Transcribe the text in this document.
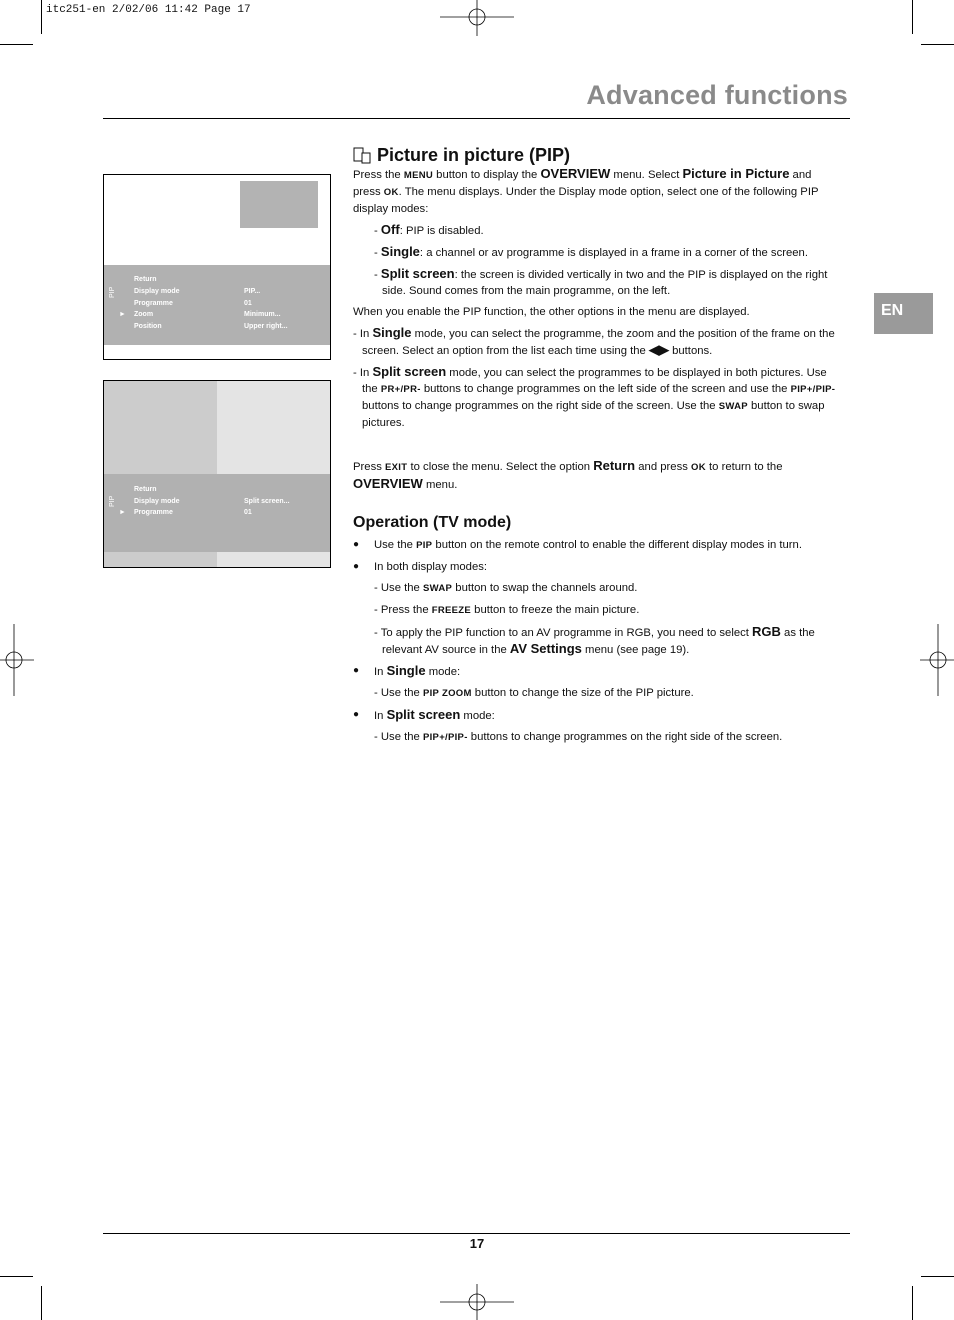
itc251-en 2/02/06 11:42 Page 17
Advanced functions
EN
PIP
Return
Display mode	PIP...
Programme	01
► Zoom	Minimum...
Position	Upper right...
PIP
Return
Display mode	Split screen...
► Programme	01
Picture in picture (PIP)

Press the MENU button to display the OVERVIEW menu. Select Picture in Picture and press OK. The menu displays. Under the Display mode option, select one of the following PIP display modes:

- Off: PIP is disabled.

- Single: a channel or av programme is displayed in a frame in a corner of the screen.

- Split screen: the screen is divided vertically in two and the PIP is displayed on the right side. Sound comes from the main programme, on the left.

When you enable the PIP function, the other options in the menu are displayed.

- In Single mode, you can select the programme, the zoom and the position of the frame on the screen. Select an option from the list each time using the ◀▶ buttons.

- In Split screen mode, you can select the programmes to be displayed in both pictures. Use the PR+/PR- buttons to change programmes on the left side of the screen and use the PIP+/PIP- buttons to change programmes on the right side of the screen. Use the SWAP button to swap pictures.

Press EXIT to close the menu. Select the option Return and press OK to return to the OVERVIEW menu.

Operation (TV mode)

● Use the PIP button on the remote control to enable the different display modes in turn.

● In both display modes:

- Use the SWAP button to swap the channels around.

- Press the FREEZE button to freeze the main picture.

- To apply the PIP function to an AV programme in RGB, you need to select RGB as the relevant AV source in the AV Settings menu (see page 19).

● In Single mode:

- Use the PIP ZOOM button to change the size of the PIP picture.

● In Split screen mode:

- Use the PIP+/PIP- buttons to change programmes on the right side of the screen.

17
